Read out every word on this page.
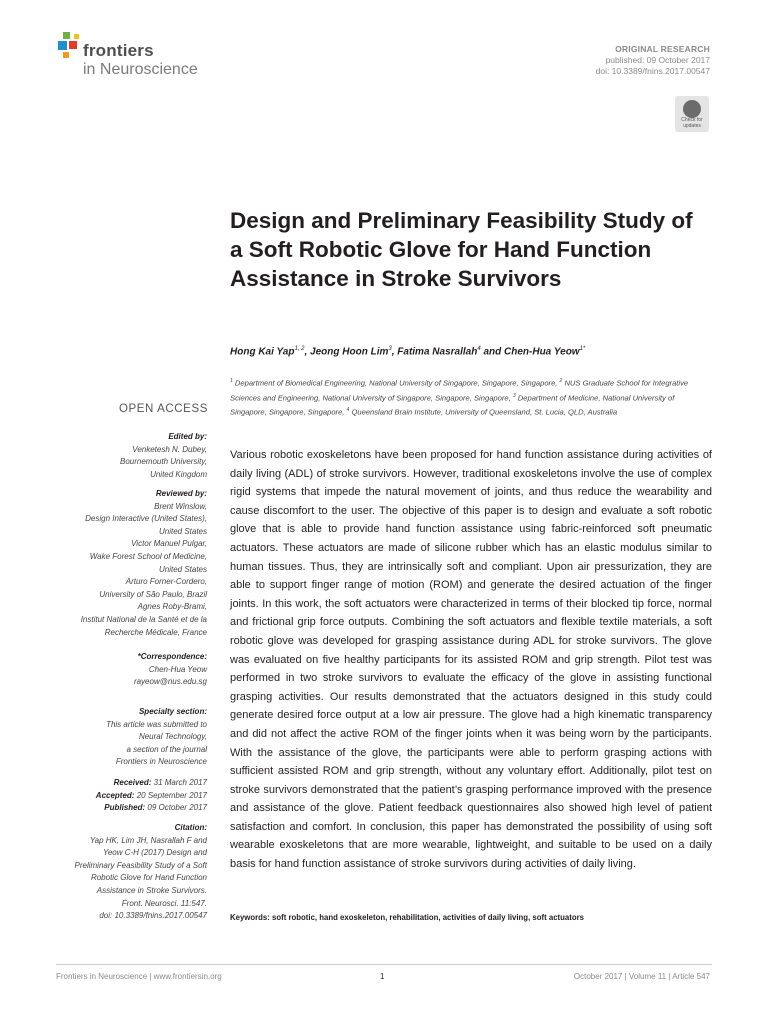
frontiers
in Neuroscience
ORIGINAL RESEARCH
published: 09 October 2017
doi: 10.3389/fnins.2017.00547
Check for
updates
Design and Preliminary Feasibility Study of a Soft Robotic Glove for Hand Function Assistance in Stroke Survivors
Hong Kai Yap$^{1, 2}$, Jeong Hoon Lim$^3$, Fatima Nasrallah$^4$ and Chen-Hua Yeow$^{1*}$
$^1$ Department of Biomedical Engineering, National University of Singapore, Singapore, Singapore, $^2$ NUS Graduate School for Integrative Sciences and Engineering, National University of Singapore, Singapore, Singapore, $^3$ Department of Medicine, National University of Singapore, Singapore, Singapore, $^4$ Queensland Brain Institute, University of Queensland, St. Lucia, QLD, Australia
OPEN ACCESS

Edited by:

Venketesh N. Dubey,

Bournemouth University,

United Kingdom

Reviewed by:

Brent Winslow,

Design Interactive (United States),

United States

Victor Manuel Pulgar,

Wake Forest School of Medicine,

United States

Arturo Forner-Cordero,

University of São Paulo, Brazil

Agnes Roby-Brami,

Institut National de la Santé et de la

Recherche Médicale, France

*Correspondence:

Chen-Hua Yeow

rayeow@nus.edu.sg

Specialty section:

This article was submitted to

Neural Technology,

a section of the journal

Frontiers in Neuroscience

Received: 31 March 2017

Accepted: 20 September 2017

Published: 09 October 2017

Citation:

Yap HK, Lim JH, Nasrallah F and

Yeow C-H (2017) Design and

Preliminary Feasibility Study of a Soft

Robotic Glove for Hand Function

Assistance in Stroke Survivors.

Front. Neurosci. 11:547.

doi: 10.3389/fnins.2017.00547

Various robotic exoskeletons have been proposed for hand function assistance during activities of daily living (ADL) of stroke survivors. However, traditional exoskeletons involve the use of complex rigid systems that impede the natural movement of joints, and thus reduce the wearability and cause discomfort to the user. The objective of this paper is to design and evaluate a soft robotic glove that is able to provide hand function assistance using fabric-reinforced soft pneumatic actuators. These actuators are made of silicone rubber which has an elastic modulus similar to human tissues. Thus, they are intrinsically soft and compliant. Upon air pressurization, they are able to support finger range of motion (ROM) and generate the desired actuation of the finger joints. In this work, the soft actuators were characterized in terms of their blocked tip force, normal and frictional grip force outputs. Combining the soft actuators and flexible textile materials, a soft robotic glove was developed for grasping assistance during ADL for stroke survivors. The glove was evaluated on five healthy participants for its assisted ROM and grip strength. Pilot test was performed in two stroke survivors to evaluate the efficacy of the glove in assisting functional grasping activities. Our results demonstrated that the actuators designed in this study could generate desired force output at a low air pressure. The glove had a high kinematic transparency and did not affect the active ROM of the finger joints when it was being worn by the participants. With the assistance of the glove, the participants were able to perform grasping actions with sufficient assisted ROM and grip strength, without any voluntary effort. Additionally, pilot test on stroke survivors demonstrated that the patient’s grasping performance improved with the presence and assistance of the glove. Patient feedback questionnaires also showed high level of patient satisfaction and comfort. In conclusion, this paper has demonstrated the possibility of using soft wearable exoskeletons that are more wearable, lightweight, and suitable to be used on a daily basis for hand function assistance of stroke survivors during activities of daily living.

Keywords: soft robotic, hand exoskeleton, rehabilitation, activities of daily living, soft actuators
Frontiers in Neuroscience | www.frontiersin.org	1	October 2017 | Volume 11 | Article 547
